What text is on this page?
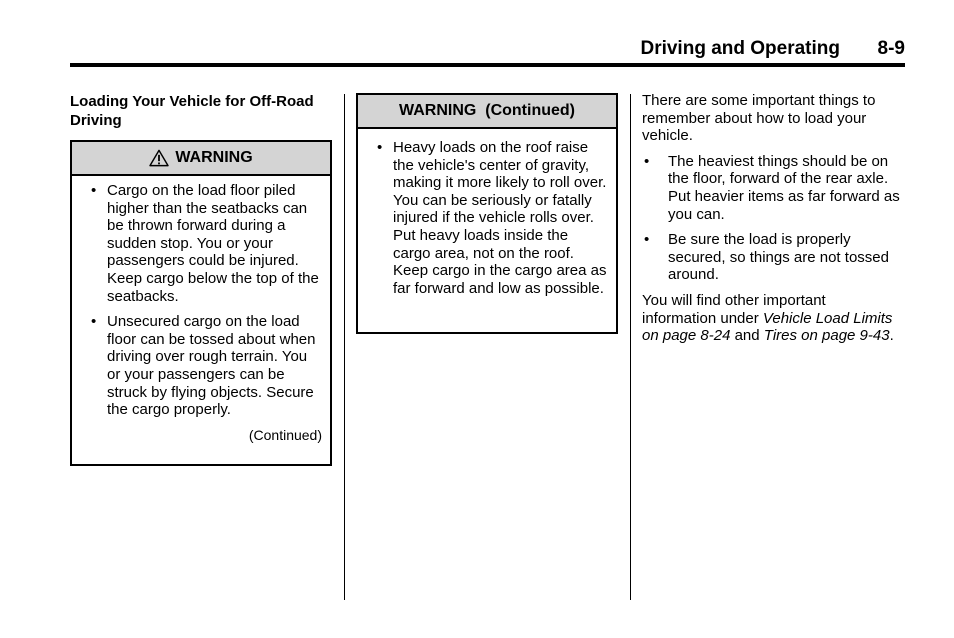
Driving and Operating 8-9
Loading Your Vehicle for Off-Road Driving
WARNING
• Cargo on the load floor piled higher than the seatbacks can be thrown forward during a sudden stop. You or your passengers could be injured. Keep cargo below the top of the seatbacks.
• Unsecured cargo on the load floor can be tossed about when driving over rough terrain. You or your passengers can be struck by flying objects. Secure the cargo properly.
(Continued)
WARNING  (Continued)
• Heavy loads on the roof raise the vehicle's center of gravity, making it more likely to roll over. You can be seriously or fatally injured if the vehicle rolls over. Put heavy loads inside the cargo area, not on the roof. Keep cargo in the cargo area as far forward and low as possible.

There are some important things to remember about how to load your vehicle.

• The heaviest things should be on the floor, forward of the rear axle. Put heavier items as far forward as you can.
• Be sure the load is properly secured, so things are not tossed around.

You will find other important information under Vehicle Load Limits on page 8-24 and Tires on page 9-43.
